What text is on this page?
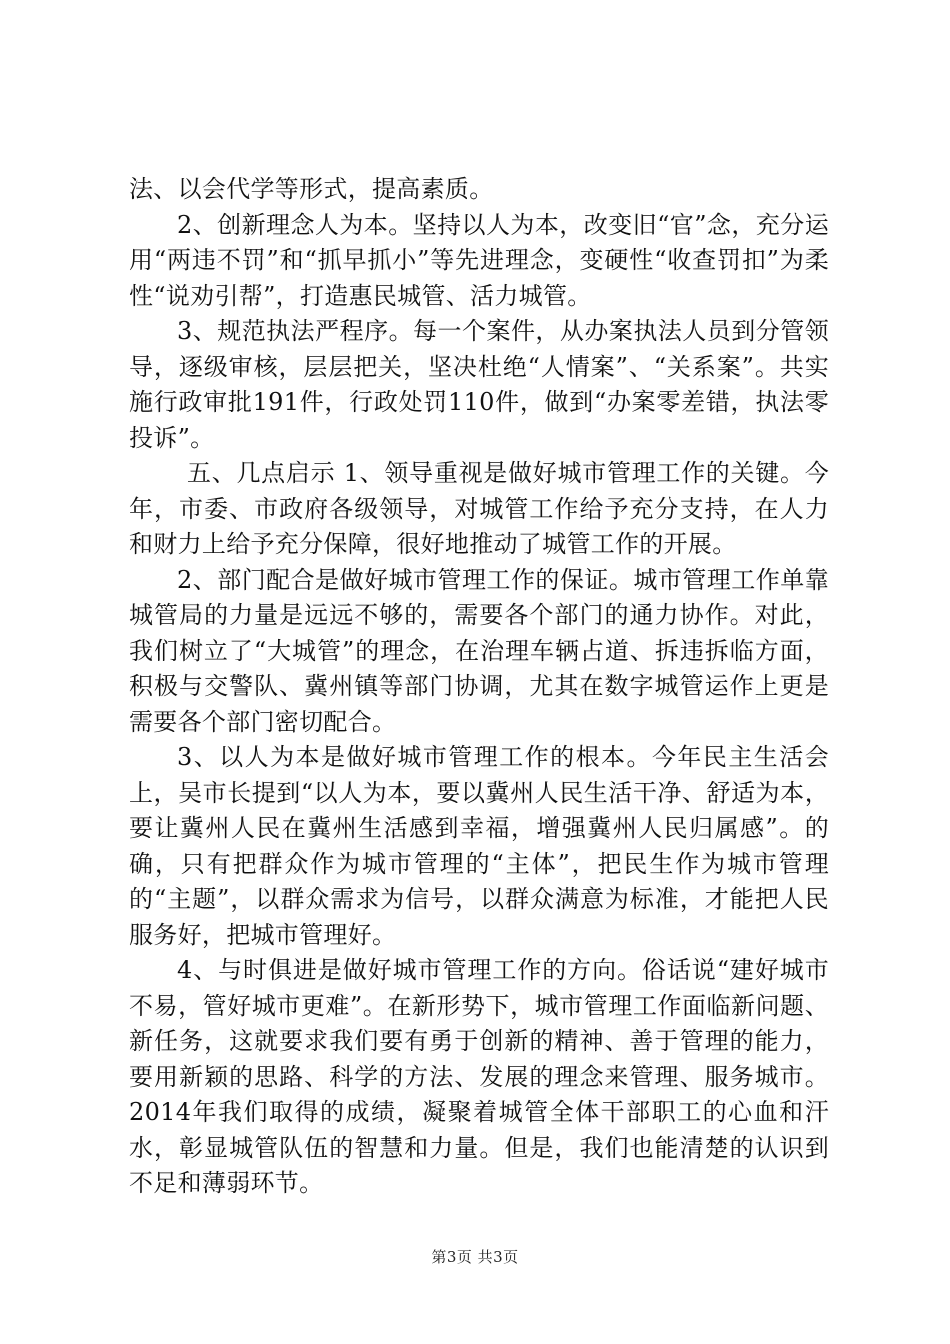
法、以会代学等形式，提高素质。

2、创新理念人为本。坚持以人为本，改变旧“官”念，充分运用“两违不罚”和“抓早抓小”等先进理念，变硬性“收查罚扣”为柔性“说劝引帮”，打造惠民城管、活力城管。

3、规范执法严程序。每一个案件，从办案执法人员到分管领导，逐级审核，层层把关，坚决杜绝“人情案”、“关系案”。共实施行政审批191件，行政处罚110件，做到“办案零差错，执法零投诉”。

五、几点启示 1、领导重视是做好城市管理工作的关键。今年，市委、市政府各级领导，对城管工作给予充分支持，在人力和财力上给予充分保障，很好地推动了城管工作的开展。

2、部门配合是做好城市管理工作的保证。城市管理工作单靠城管局的力量是远远不够的，需要各个部门的通力协作。对此，我们树立了“大城管”的理念，在治理车辆占道、拆违拆临方面，积极与交警队、冀州镇等部门协调，尤其在数字城管运作上更是需要各个部门密切配合。

3、以人为本是做好城市管理工作的根本。今年民主生活会上，吴市长提到“以人为本，要以冀州人民生活干净、舒适为本，要让冀州人民在冀州生活感到幸福，增强冀州人民归属感”。的确，只有把群众作为城市管理的“主体”，把民生作为城市管理的“主题”，以群众需求为信号，以群众满意为标准，才能把人民服务好，把城市管理好。

4、与时俱进是做好城市管理工作的方向。俗话说“建好城市不易，管好城市更难”。在新形势下，城市管理工作面临新问题、新任务，这就要求我们要有勇于创新的精神、善于管理的能力，要用新颖的思路、科学的方法、发展的理念来管理、服务城市。2014年我们取得的成绩，凝聚着城管全体干部职工的心血和汗水，彰显城管队伍的智慧和力量。但是，我们也能清楚的认识到不足和薄弱环节。

第3页 共3页
